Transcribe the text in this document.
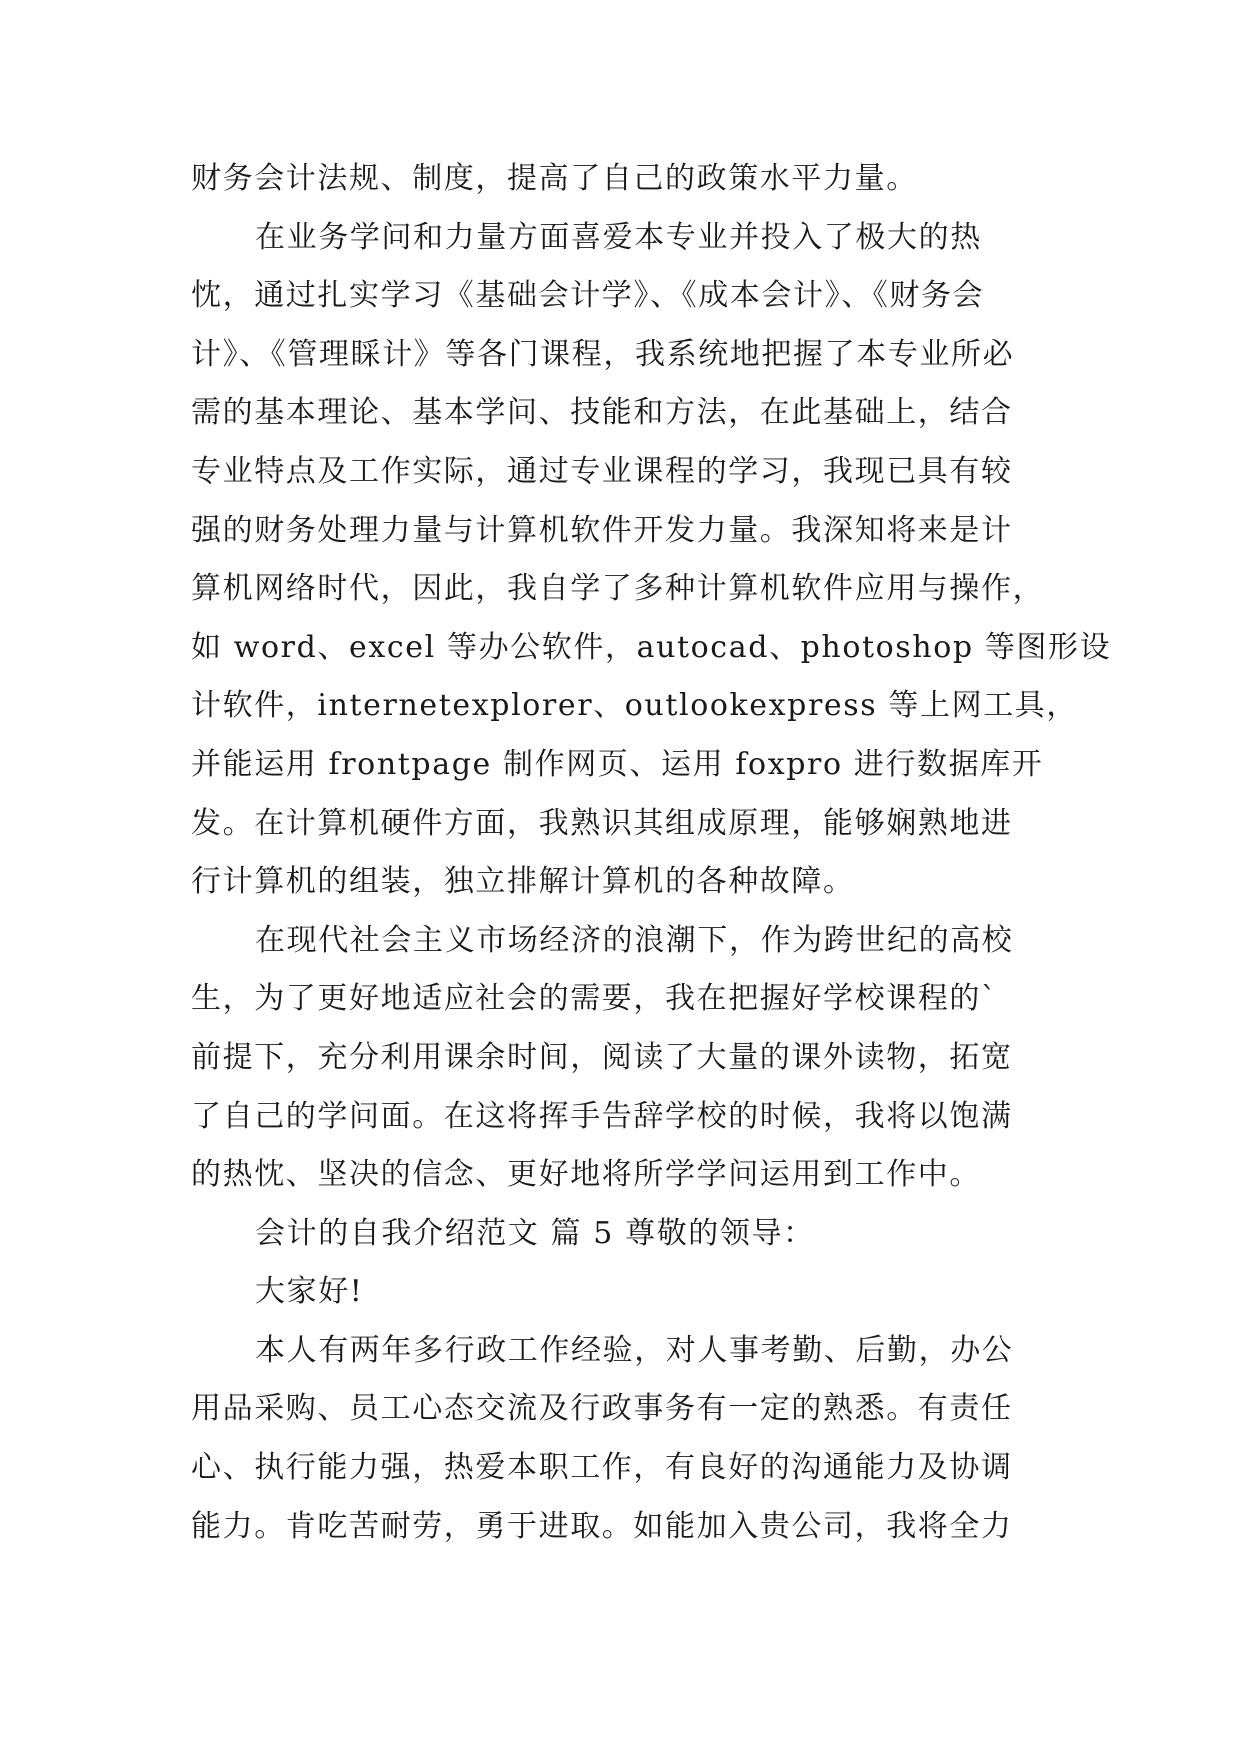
财务会计法规、制度，提高了自己的政策水平力量。
在业务学问和力量方面喜爱本专业并投入了极大的热
忱，通过扎实学习《基础会计学》、《成本会计》、《财务会
计》、《管理睬计》等各门课程，我系统地把握了本专业所必
需的基本理论、基本学问、技能和方法，在此基础上，结合
专业特点及工作实际，通过专业课程的学习，我现已具有较
强的财务处理力量与计算机软件开发力量。我深知将来是计
算机网络时代，因此，我自学了多种计算机软件应用与操作，
如 word、excel 等办公软件，autocad、photoshop 等图形设
计软件，internetexplorer、outlookexpress 等上网工具，
并能运用 frontpage 制作网页、运用 foxpro 进行数据库开
发。在计算机硬件方面，我熟识其组成原理，能够娴熟地进
行计算机的组装，独立排解计算机的各种故障。
在现代社会主义市场经济的浪潮下，作为跨世纪的高校
生，为了更好地适应社会的需要，我在把握好学校课程的`
前提下，充分利用课余时间，阅读了大量的课外读物，拓宽
了自己的学问面。在这将挥手告辞学校的时候，我将以饱满
的热忱、坚决的信念、更好地将所学学问运用到工作中。
会计的自我介绍范文 篇 5 尊敬的领导：
大家好!
本人有两年多行政工作经验，对人事考勤、后勤，办公
用品采购、员工心态交流及行政事务有一定的熟悉。有责任
心、执行能力强，热爱本职工作，有良好的沟通能力及协调
能力。肯吃苦耐劳，勇于进取。如能加入贵公司，我将全力
